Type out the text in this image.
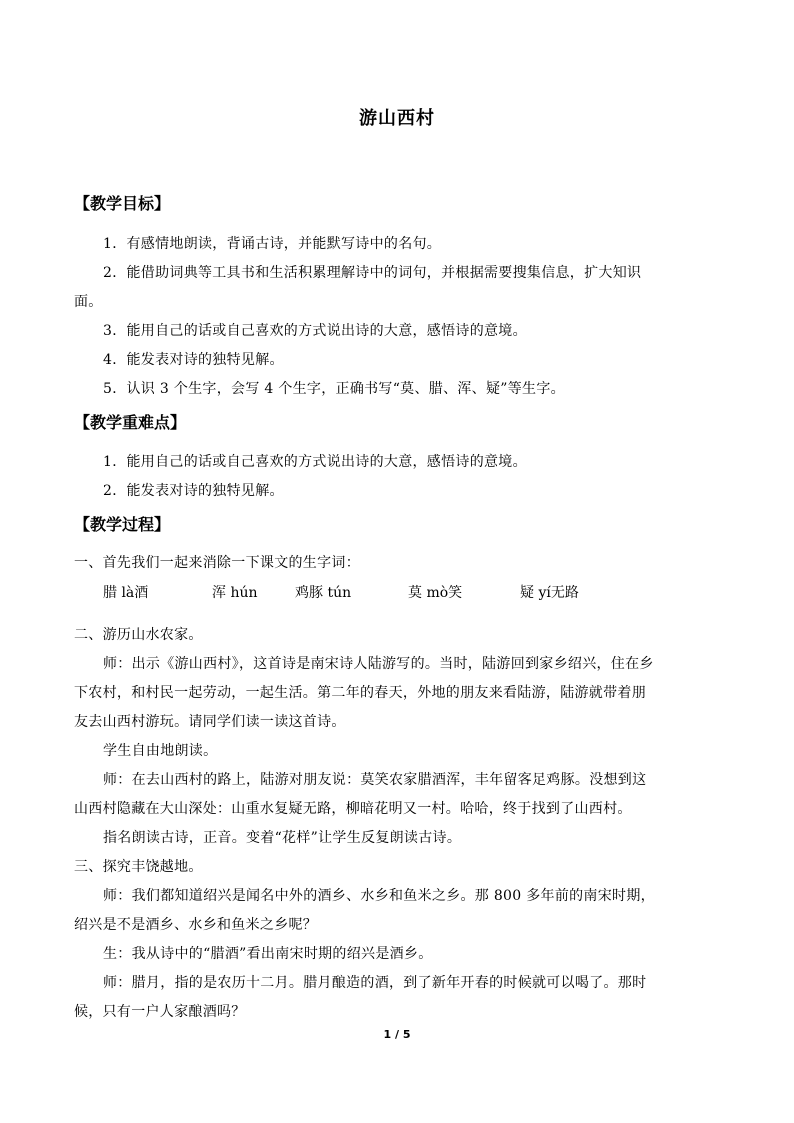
游山西村
【教学目标】
1．有感情地朗读，背诵古诗，并能默写诗中的名句。
2．能借助词典等工具书和生活积累理解诗中的词句，并根据需要搜集信息，扩大知识
面。
3．能用自己的话或自己喜欢的方式说出诗的大意，感悟诗的意境。
4．能发表对诗的独特见解。
5．认识 3 个生字，会写 4 个生字，正确书写“莫、腊、浑、疑”等生字。
【教学重难点】
1．能用自己的话或自己喜欢的方式说出诗的大意，感悟诗的意境。
2．能发表对诗的独特见解。
【教学过程】
一、首先我们一起来消除一下课文的生字词：
腊 là酒	浑 hún	鸡豚 tún	莫 mò笑	疑 yí无路
二、游历山水农家。
师：出示《游山西村》，这首诗是南宋诗人陆游写的。当时，陆游回到家乡绍兴，住在乡
下农村，和村民一起劳动，一起生活。第二年的春天，外地的朋友来看陆游，陆游就带着朋
友去山西村游玩。请同学们读一读这首诗。
学生自由地朗读。
师：在去山西村的路上，陆游对朋友说：莫笑农家腊酒浑，丰年留客足鸡豚。没想到这
山西村隐藏在大山深处：山重水复疑无路，柳暗花明又一村。哈哈，终于找到了山西村。
指名朗读古诗，正音。变着“花样”让学生反复朗读古诗。
三、探究丰饶越地。
师：我们都知道绍兴是闻名中外的酒乡、水乡和鱼米之乡。那 800 多年前的南宋时期，
绍兴是不是酒乡、水乡和鱼米之乡呢？
生：我从诗中的“腊酒”看出南宋时期的绍兴是酒乡。
师：腊月，指的是农历十二月。腊月酿造的酒，到了新年开春的时候就可以喝了。那时
候，只有一户人家酿酒吗？
1 / 5
